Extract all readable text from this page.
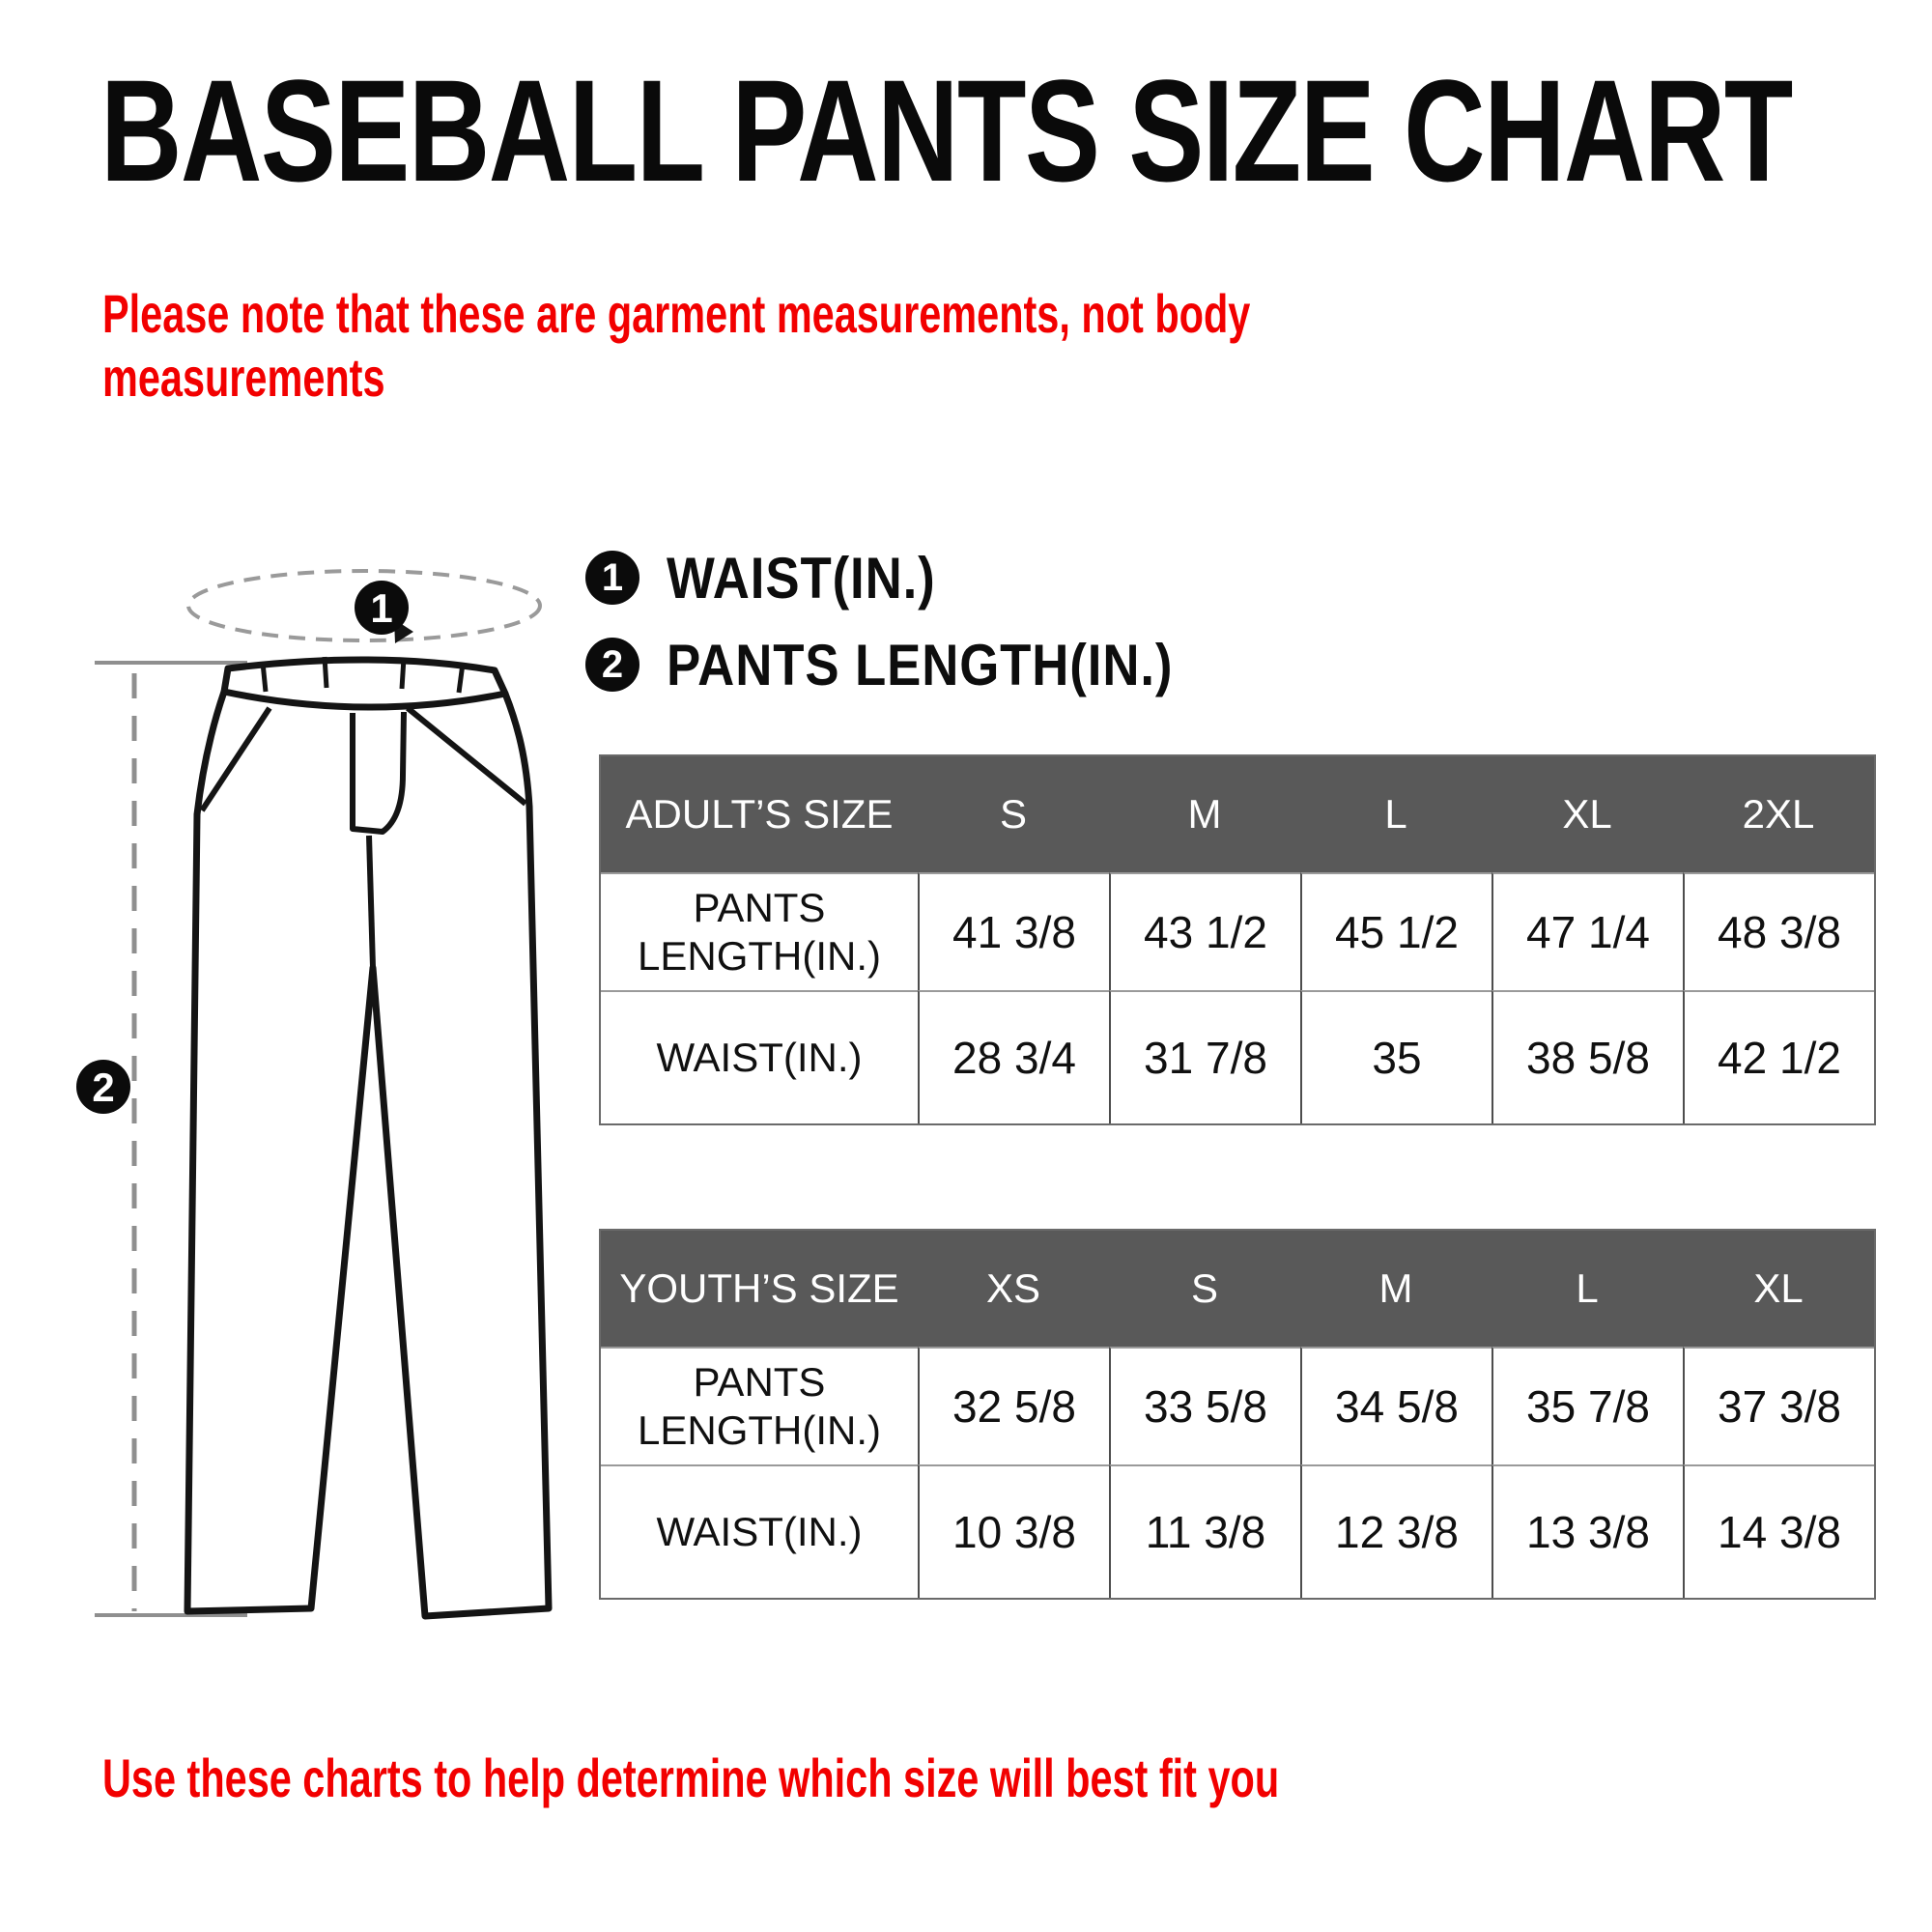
BASEBALL PANTS SIZE CHART
Please note that these are garment measurements, not body
measurements
1 WAIST(IN.)
2 PANTS LENGTH(IN.)
1
2
ADULT’S SIZE	S	M	L	XL	2XL
PANTS LENGTH(IN.)	41 3/8	43 1/2	45 1/2	47 1/4	48 3/8
WAIST(IN.)	28 3/4	31 7/8	35	38 5/8	42 1/2
YOUTH’S SIZE	XS	S	M	L	XL
PANTS LENGTH(IN.)	32 5/8	33 5/8	34 5/8	35 7/8	37 3/8
WAIST(IN.)	10 3/8	11 3/8	12 3/8	13 3/8	14 3/8
Use these charts to help determine which size will best fit you
